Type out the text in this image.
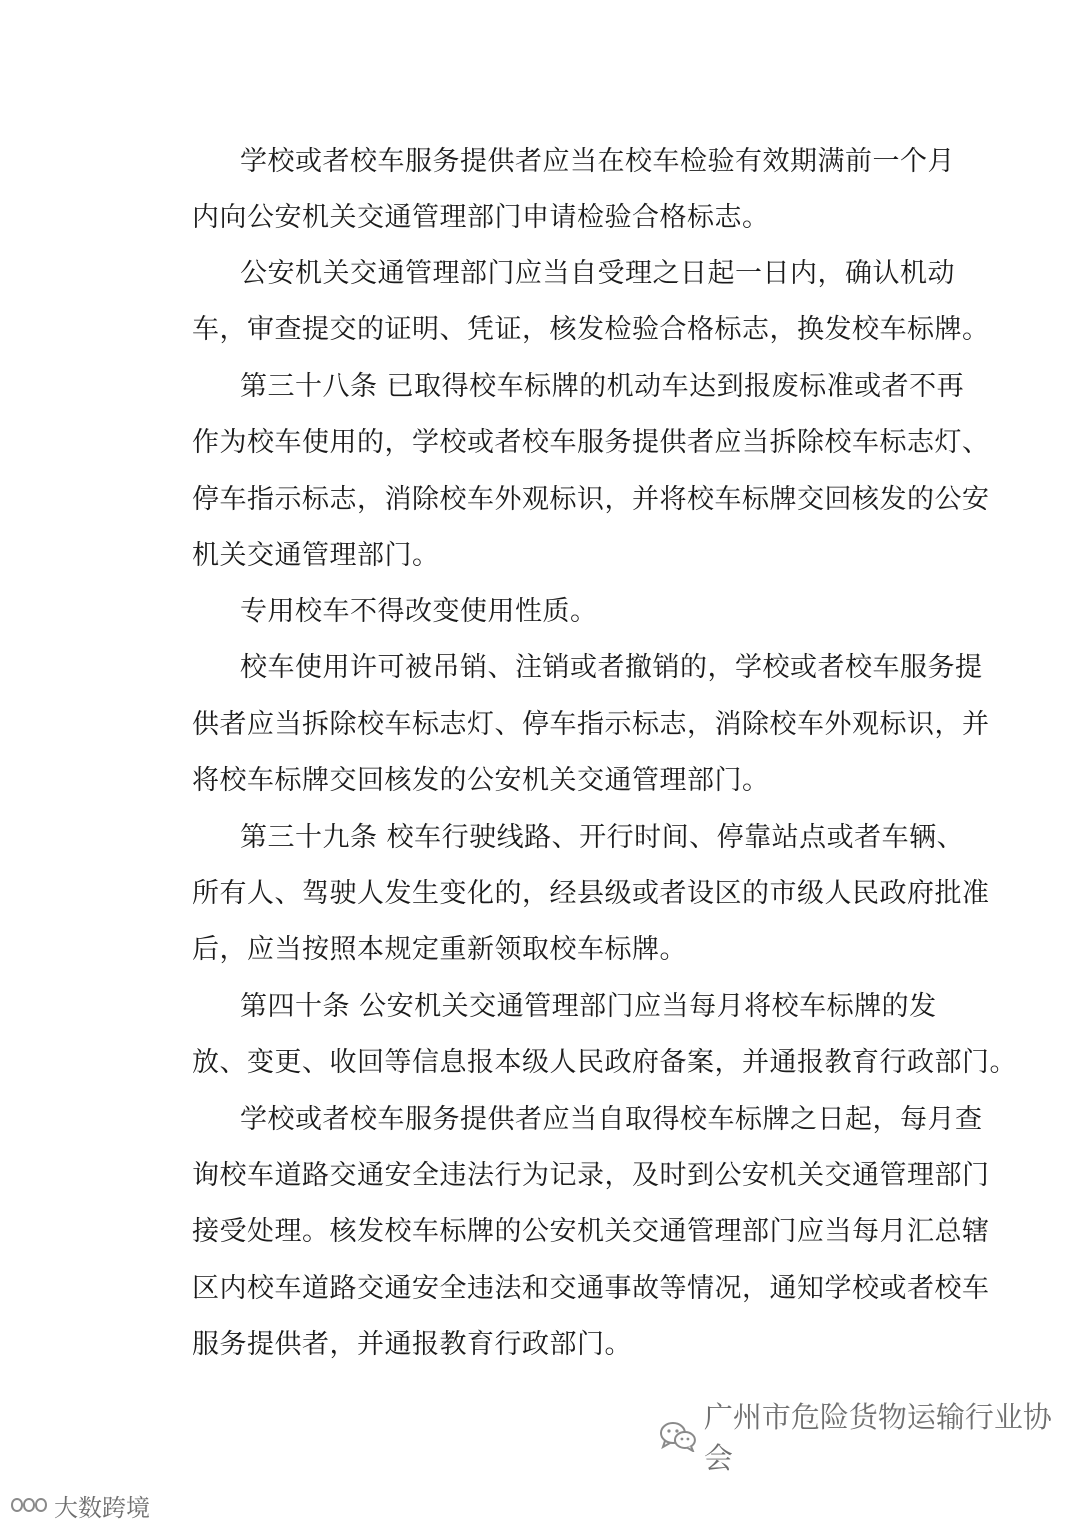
学校或者校车服务提供者应当在校车检验有效期满前一个月
内向公安机关交通管理部门申请检验合格标志。
公安机关交通管理部门应当自受理之日起一日内，确认机动
车，审查提交的证明、凭证，核发检验合格标志，换发校车标牌。
第三十八条 已取得校车标牌的机动车达到报废标准或者不再
作为校车使用的，学校或者校车服务提供者应当拆除校车标志灯、
停车指示标志，消除校车外观标识，并将校车标牌交回核发的公安
机关交通管理部门。
专用校车不得改变使用性质。
校车使用许可被吊销、注销或者撤销的，学校或者校车服务提
供者应当拆除校车标志灯、停车指示标志，消除校车外观标识，并
将校车标牌交回核发的公安机关交通管理部门。
第三十九条 校车行驶线路、开行时间、停靠站点或者车辆、
所有人、驾驶人发生变化的，经县级或者设区的市级人民政府批准
后，应当按照本规定重新领取校车标牌。
第四十条 公安机关交通管理部门应当每月将校车标牌的发
放、变更、收回等信息报本级人民政府备案，并通报教育行政部门。
学校或者校车服务提供者应当自取得校车标牌之日起，每月查
询校车道路交通安全违法行为记录，及时到公安机关交通管理部门
接受处理。核发校车标牌的公安机关交通管理部门应当每月汇总辖
区内校车道路交通安全违法和交通事故等情况，通知学校或者校车
服务提供者，并通报教育行政部门。
广州市危险货物运输行业协会
大数跨境
